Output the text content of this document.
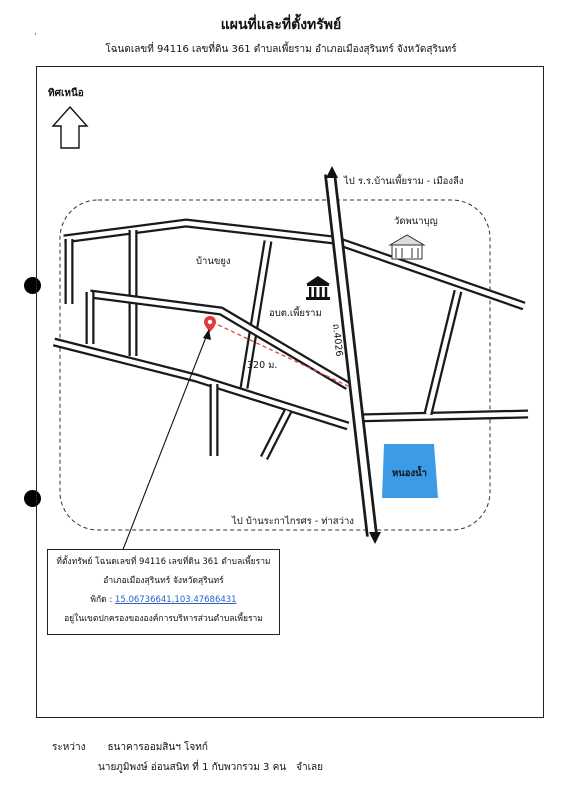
·
แผนที่และที่ตั้งทรัพย์
โฉนดเลขที่ 94116 เลขที่ดิน 361 ตำบลเพี้ยราม อำเภอเมืองสุรินทร์ จังหวัดสุรินทร์
ทิศเหนือ
ไป ร.ร.บ้านเพี้ยราม - เมืองลีง
วัดพนาบุญ
บ้านขยูง
อบต.เพี้ยราม
ถ.4026
320 ม.
หนองน้ำ
ไป บ้านระกาไกรศร - ท่าสว่าง
ที่ตั้งทรัพย์ โฉนดเลขที่ 94116 เลขที่ดิน 361 ตำบลเพี้ยราม
อำเภอเมืองสุรินทร์ จังหวัดสุรินทร์
พิกัด : 15.06736641,103.47686431
อยู่ในเขตปกครองขององค์การบริหารส่วนตำบลเพี้ยราม
ระหว่าง ธนาคารออมสินฯ โจทก์
นายภูมิพงษ์ อ่อนสนิท ที่ 1 กับพวกรวม 3 คน จำเลย
